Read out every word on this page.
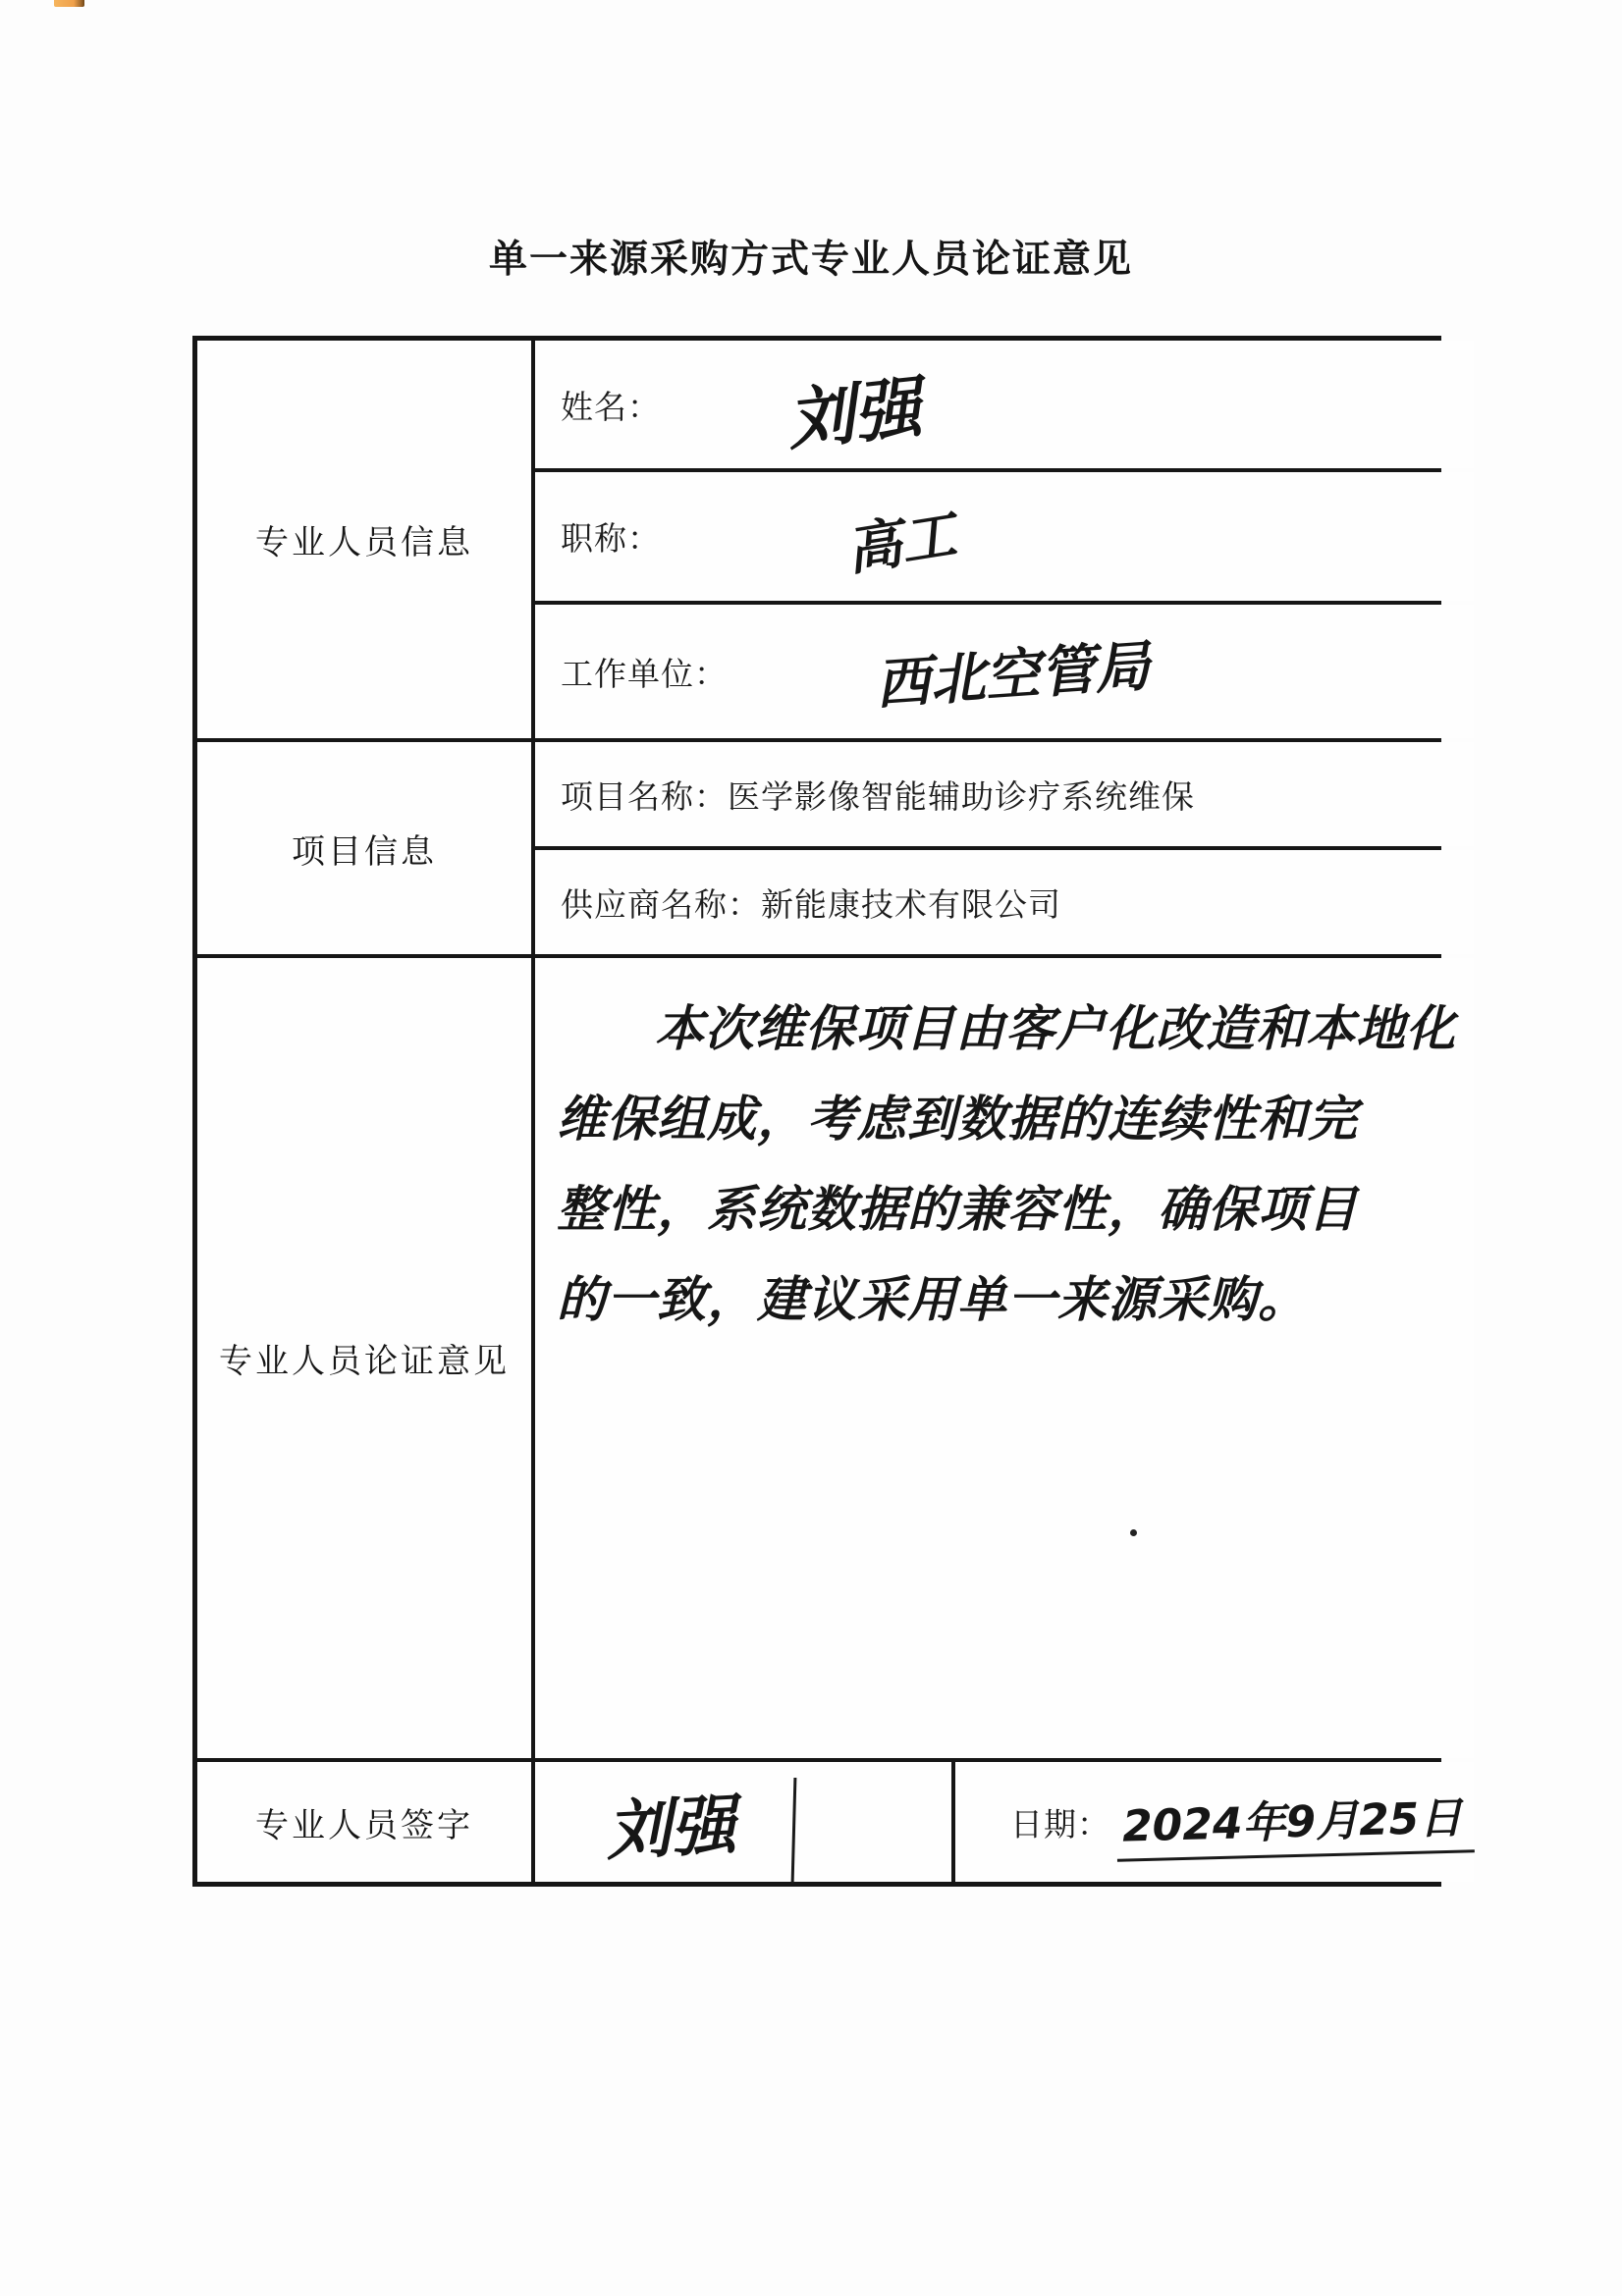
单一来源采购方式专业人员论证意见
专业人员信息
姓名： 刘强
职称：	高工
工作单位：	西北空管局
项目信息
项目名称： 医学影像智能辅助诊疗系统维保
供应商名称： 新能康技术有限公司
专业人员论证意见
本次维保项目由客户化改造和本地化
维保组成，考虑到数据的连续性和完
整性，系统数据的兼容性，确保项目
的一致，建议采用单一来源采购。
专业人员签字 刘强	日期： 2024年9月25日
